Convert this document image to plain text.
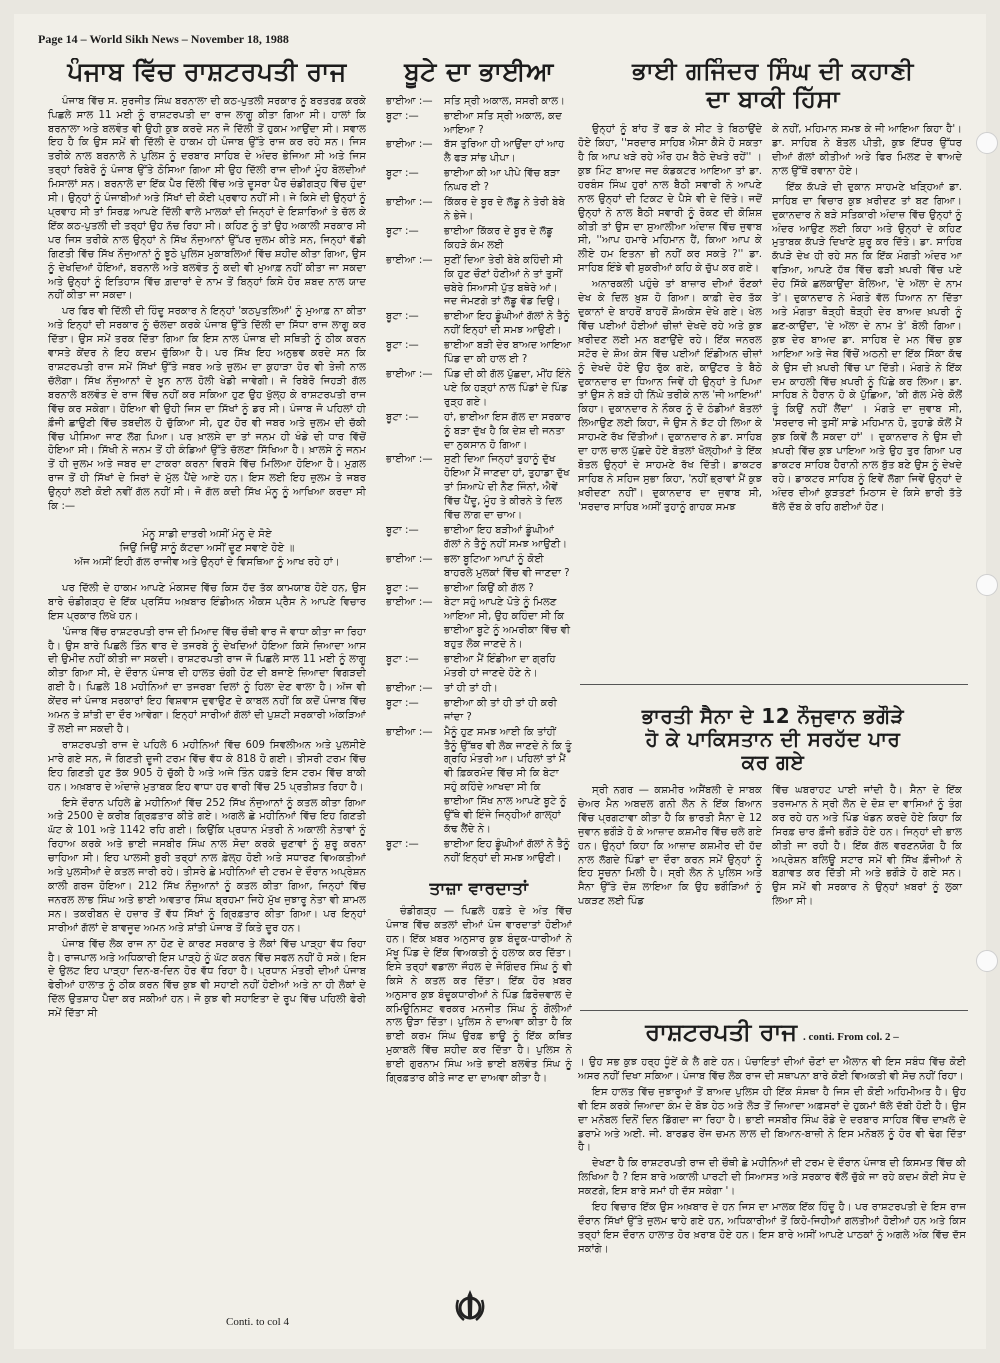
Page 14 – World Sikh News – November 18, 1988
ਪੰਜਾਬ ਵਿੱਚ ਰਾਸ਼ਟਰਪਤੀ ਰਾਜ

ਪੰਜਾਬ ਵਿੱਚ ਸ. ਸੁਰਜੀਤ ਸਿੰਘ ਬਰਨਾਲਾ ਦੀ ਕਠ-ਪੁਤਲੀ ਸਰਕਾਰ ਨੂੰ ਬਰਤਰਫ਼ ਕਰਕੇ ਪਿਛਲੇ ਸਾਲ 11 ਮਈ ਨੂੰ ਰਾਸ਼ਟਰਪਤੀ ਦਾ ਰਾਜ ਲਾਗੂ ਕੀਤਾ ਗਿਆ ਸੀ। ਹਾਲਾਂ ਕਿ ਬਰਨਾਲਾ ਅਤੇ ਬਲਵੰਤ ਵੀ ਉਹੀ ਕੁਝ ਕਰਦੇ ਸਨ ਜੋ ਦਿੱਲੀ ਤੋਂ ਹੁਕਮ ਆਉਂਦਾ ਸੀ। ਸਵਾਲ ਇਹ ਹੈ ਕਿ ਉਸ ਸਮੇਂ ਵੀ ਦਿੱਲੀ ਦੇ ਹਾਕਮ ਹੀ ਪੰਜਾਬ ਉੱਤੇ ਰਾਜ ਕਰ ਰਹੇ ਸਨ। ਜਿਸ ਤਰੀਕੇ ਨਾਲ ਬਰਨਾਲੇ ਨੇ ਪੁਲਿਸ ਨੂੰ ਦਰਬਾਰ ਸਾਹਿਬ ਦੇ ਅੰਦਰ ਭੇਜਿਆ ਸੀ ਅਤੇ ਜਿਸ ਤਰ੍ਹਾਂ ਰਿਬੇਰੋ ਨੂੰ ਪੰਜਾਬ ਉੱਤੇ ਠੋਸਿਆ ਗਿਆ ਸੀ ਉਹ ਦਿੱਲੀ ਰਾਜ ਦੀਆਂ ਮੂੰਹ ਬੋਲਦੀਆਂ ਮਿਸਾਲਾਂ ਸਨ। ਬਰਨਾਲੇ ਦਾ ਇੱਕ ਪੈਰ ਦਿੱਲੀ ਵਿੱਚ ਅਤੇ ਦੂਸਰਾ ਪੈਰ ਚੰਡੀਗੜ੍ਹ ਵਿੱਚ ਹੁੰਦਾ ਸੀ। ਉਨ੍ਹਾਂ ਨੂੰ ਪੰਜਾਬੀਆਂ ਅਤੇ ਸਿੱਖਾਂ ਦੀ ਕੋਈ ਪ੍ਰਵਾਹ ਨਹੀਂ ਸੀ। ਜੇ ਕਿਸੇ ਦੀ ਉਨ੍ਹਾਂ ਨੂੰ ਪ੍ਰਵਾਹ ਸੀ ਤਾਂ ਸਿਰਫ਼ ਆਪਣੇ ਦਿੱਲੀ ਵਾਲੇ ਮਾਲਕਾਂ ਦੀ ਜਿਨ੍ਹਾਂ ਦੇ ਇਸ਼ਾਰਿਆਂ ਤੇ ਚੱਲ ਕੇ ਇੱਕ ਕਠ-ਪੁਤਲੀ ਦੀ ਤਰ੍ਹਾਂ ਉਹ ਨੱਚ ਰਿਹਾ ਸੀ। ਕਹਿਣ ਨੂੰ ਤਾਂ ਉਹ ਅਕਾਲੀ ਸਰਕਾਰ ਸੀ ਪਰ ਜਿਸ ਤਰੀਕੇ ਨਾਲ ਉਨ੍ਹਾਂ ਨੇ ਸਿੱਖ ਨੌਜੁਆਨਾਂ ਉੱਪਰ ਜ਼ੁਲਮ ਕੀਤੇ ਸਨ, ਜਿਨ੍ਹਾਂ ਵੱਡੀ ਗਿਣਤੀ ਵਿੱਚ ਸਿੱਖ ਨੌਜੁਆਨਾਂ ਨੂੰ ਝੂਠੇ ਪੁਲਿਸ ਮੁਕਾਬਲਿਆਂ ਵਿੱਚ ਸ਼ਹੀਦ ਕੀਤਾ ਗਿਆ, ਉਸ ਨੂੰ ਦੇਖਦਿਆਂ ਹੋਇਆਂ, ਬਰਨਾਲੇ ਅਤੇ ਬਲਵੰਤ ਨੂੰ ਕਦੀ ਵੀ ਮੁਆਫ਼ ਨਹੀਂ ਕੀਤਾ ਜਾ ਸਕਦਾ ਅਤੇ ਉਨ੍ਹਾਂ ਨੂੰ ਇਤਿਹਾਸ ਵਿੱਚ ਗ਼ਦਾਰਾਂ ਦੇ ਨਾਮ ਤੋਂ ਬਿਨ੍ਹਾਂ ਕਿਸੇ ਹੋਰ ਸ਼ਬਦ ਨਾਲ ਯਾਦ ਨਹੀਂ ਕੀਤਾ ਜਾ ਸਕਦਾ।

ਪਰ ਫਿਰ ਵੀ ਦਿੱਲੀ ਦੀ ਹਿੰਦੂ ਸਰਕਾਰ ਨੇ ਇਨ੍ਹਾਂ 'ਕਠਪੁਤਲਿਆਂ' ਨੂੰ ਮੁਆਫ਼ ਨਾ ਕੀਤਾ ਅਤੇ ਇਨ੍ਹਾਂ ਦੀ ਸਰਕਾਰ ਨੂੰ ਚੱਲਦਾ ਕਰਕੇ ਪੰਜਾਬ ਉੱਤੇ ਦਿੱਲੀ ਦਾ ਸਿੱਧਾ ਰਾਜ ਲਾਗੂ ਕਰ ਦਿੱਤਾ। ਉਸ ਸਮੇਂ ਤਰਕ ਦਿੱਤਾ ਗਿਆ ਕਿ ਇਸ ਨਾਲ ਪੰਜਾਬ ਦੀ ਸਥਿਤੀ ਨੂੰ ਠੀਕ ਕਰਨ ਵਾਸਤੇ ਕੇਂਦਰ ਨੇ ਇਹ ਕਦਮ ਚੁੱਕਿਆ ਹੈ। ਪਰ ਸਿੱਖ ਇਹ ਅਨੁਭਵ ਕਰਦੇ ਸਨ ਕਿ ਰਾਸ਼ਟਰਪਤੀ ਰਾਜ ਸਮੇਂ ਸਿੱਖਾਂ ਉੱਤੇ ਜਬਰ ਅਤੇ ਜ਼ੁਲਮ ਦਾ ਕੁਹਾੜਾ ਹੋਰ ਵੀ ਤੇਜ਼ੀ ਨਾਲ ਚੱਲੇਗਾ। ਸਿੱਖ ਨੌਜੁਆਨਾਂ ਦੇ ਖ਼ੂਨ ਨਾਲ ਹੋਲੀ ਖੇਡੀ ਜਾਵੇਗੀ। ਜੋ ਰਿਬੇਰੋ ਜਿਹੜੀ ਗੱਲ ਬਰਨਾਲੇ ਬਲਵੰਤ ਦੇ ਰਾਜ ਵਿੱਚ ਨਹੀਂ ਕਰ ਸਕਿਆ ਹੁਣ ਉਹ ਖੁੱਲ੍ਹ ਕੇ ਰਾਸ਼ਟਰਪਤੀ ਰਾਜ ਵਿੱਚ ਕਰ ਸਕੇਗਾ। ਹੋਇਆ ਵੀ ਉਹੀ ਜਿਸ ਦਾ ਸਿੱਖਾਂ ਨੂੰ ਡਰ ਸੀ। ਪੰਜਾਬ ਜੋ ਪਹਿਲਾਂ ਹੀ ਫ਼ੌਜੀ ਛਾਉਣੀ ਵਿੱਚ ਤਬਦੀਲ ਹੋ ਚੁੱਕਿਆ ਸੀ, ਹੁਣ ਹੋਰ ਵੀ ਜਬਰ ਅਤੇ ਜ਼ੁਲਮ ਦੀ ਚੱਕੀ ਵਿੱਚ ਪੀਸਿਆ ਜਾਣ ਲੱਗ ਪਿਆ। ਪਰ ਖ਼ਾਲਸੇ ਦਾ ਤਾਂ ਜਨਮ ਹੀ ਖੰਡੇ ਦੀ ਧਾਰ ਵਿੱਚੋਂ ਹੋਇਆ ਸੀ। ਸਿੱਖੀ ਨੇ ਜਨਮ ਤੋਂ ਹੀ ਕੰਡਿਆਂ ਉੱਤੇ ਚੱਲਣਾ ਸਿੱਖਿਆ ਹੈ। ਖ਼ਾਲਸੇ ਨੂੰ ਜਨਮ ਤੋਂ ਹੀ ਜ਼ੁਲਮ ਅਤੇ ਜਬਰ ਦਾ ਟਾਕਰਾ ਕਰਨਾ ਵਿਰਸੇ ਵਿੱਚ ਮਿਲਿਆ ਹੋਇਆ ਹੈ। ਮੁਗ਼ਲ ਰਾਜ ਤੋਂ ਹੀ ਸਿੱਖਾਂ ਦੇ ਸਿਰਾਂ ਦੇ ਮੁੱਲ ਪੈਂਦੇ ਆਏ ਹਨ। ਇਸ ਲਈ ਇਹ ਜ਼ੁਲਮ ਤੇ ਜਬਰ ਉਨ੍ਹਾਂ ਲਈ ਕੋਈ ਨਵੀਂ ਗੱਲ ਨਹੀਂ ਸੀ। ਜੋ ਗੱਲ ਕਦੀ ਸਿੱਖ ਮੰਨੂ ਨੂੰ ਆਖਿਆ ਕਰਦਾ ਸੀ ਕਿ :—

ਮੰਨੂ ਸਾਡੀ ਦਾਤਰੀ ਅਸੀਂ ਮੰਨੂ ਦੇ ਸੋਏ
ਜਿਉਂ ਜਿਉਂ ਸਾਨੂੰ ਕੱਟਦਾ ਅਸੀਂ ਦੂਣ ਸਵਾਏ ਹੋਏ ॥
ਅੱਜ ਅਸੀਂ ਇਹੀ ਗੱਲ ਰਾਜੀਵ ਅਤੇ ਉਨ੍ਹਾਂ ਦੇ ਵਿਸਥਿਆ ਨੂੰ ਆਖ ਰਹੇ ਹਾਂ।

ਪਰ ਦਿੱਲੀ ਦੇ ਹਾਕਮ ਆਪਣੇ ਮੰਕਸਦ ਵਿੱਚ ਕਿਸ ਹੱਦ ਤੱਕ ਕਾਮਯਾਬ ਹੋਏ ਹਨ, ਉਸ ਬਾਰੇ ਚੰਡੀਗੜ੍ਹ ਦੇ ਇੱਕ ਪ੍ਰਸਿੱਧ ਅਖ਼ਬਾਰ ਇੰਡੀਅਨ ਐਕਸ ਪ੍ਰੈਸ ਨੇ ਆਪਣੇ ਵਿਚਾਰ ਇਸ ਪ੍ਰਕਾਰ ਲਿਖੇ ਹਨ।

'ਪੰਜਾਬ ਵਿੱਚ ਰਾਸ਼ਟਰਪਤੀ ਰਾਜ ਦੀ ਮਿਆਦ ਵਿੱਚ ਚੌਥੀ ਵਾਰ ਜੋ ਵਾਧਾ ਕੀਤਾ ਜਾ ਰਿਹਾ ਹੈ। ਉਸ ਬਾਰੇ ਪਿਛਲੇ ਤਿੰਨ ਵਾਰ ਦੇ ਤਜਰਬੇ ਨੂੰ ਦੇਖਦਿਆਂ ਹੋਇਆ ਕਿਸੇ ਜ਼ਿਆਦਾ ਆਸ ਦੀ ਉਮੀਦ ਨਹੀਂ ਕੀਤੀ ਜਾ ਸਕਦੀ। ਰਾਸ਼ਟਰਪਤੀ ਰਾਜ ਜੋ ਪਿਛਲੇ ਸਾਲ 11 ਮਈ ਨੂੰ ਲਾਗੂ ਕੀਤਾ ਗਿਆ ਸੀ, ਦੇ ਦੌਰਾਨ ਪੰਜਾਬ ਦੀ ਹਾਲਤ ਚੰਗੀ ਹੋਣ ਦੀ ਬਜਾਏ ਜ਼ਿਆਦਾ ਵਿਗੜਦੀ ਗਈ ਹੈ। ਪਿਛਲੇ 18 ਮਹੀਨਿਆਂ ਦਾ ਤਜਰਬਾ ਦਿਲਾਂ ਨੂੰ ਹਿਲਾ ਦੇਣ ਵਾਲਾ ਹੈ। ਅੱਜ ਵੀ ਕੇਂਦਰ ਜਾਂ ਪੰਜਾਬ ਸਰਕਾਰਾਂ ਇਹ ਵਿਸ਼ਵਾਸ ਦੁਵਾਉਣ ਦੇ ਕਾਬਲ ਨਹੀਂ ਕਿ ਕਦੋਂ ਪੰਜਾਬ ਵਿੱਚ ਅਮਨ ਤੇ ਸ਼ਾਂਤੀ ਦਾ ਦੌਰ ਆਵੇਗਾ। ਇਨ੍ਹਾਂ ਸਾਰੀਆਂ ਗੱਲਾਂ ਦੀ ਪੁਸ਼ਟੀ ਸਰਕਾਰੀ ਅੰਕੜਿਆਂ ਤੋਂ ਲਈ ਜਾ ਸਕਦੀ ਹੈ।

ਰਾਸ਼ਟਰਪਤੀ ਰਾਜ ਦੇ ਪਹਿਲੇ 6 ਮਹੀਨਿਆਂ ਵਿੱਚ 609 ਸਿਵਲੀਅਨ ਅਤੇ ਪੁਲਸੀਏ ਮਾਰੇ ਗਏ ਸਨ, ਜੋ ਗਿਣਤੀ ਦੂਜੀ ਟਰਮ ਵਿੱਚ ਵੱਧ ਕੇ 818 ਹੋ ਗਈ। ਤੀਸਰੀ ਟਰਮ ਵਿੱਚ ਇਹ ਗਿਣਤੀ ਹੁਣ ਤੱਕ 905 ਹੋ ਚੁੱਕੀ ਹੈ ਅਤੇ ਅਜੇ ਤਿੰਨ ਹਫ਼ਤੇ ਇਸ ਟਰਮ ਵਿੱਚ ਬਾਕੀ ਹਨ। ਅਖ਼ਬਾਰ ਦੇ ਅੰਦਾਜ਼ੇ ਮੁਤਾਬਕ ਇਹ ਵਾਧਾ ਹਰ ਵਾਰੀ ਵਿੱਚ 25 ਪ੍ਰਤੀਸ਼ਤ ਰਿਹਾ ਹੈ।

ਇਸੇ ਦੌਰਾਨ ਪਹਿਲੇ ਛੇ ਮਹੀਨਿਆਂ ਵਿੱਚ 252 ਸਿੱਖ ਨੌਜੁਆਨਾਂ ਨੂੰ ਕਤਲ ਕੀਤਾ ਗਿਆ ਅਤੇ 2500 ਦੇ ਕਰੀਬ ਗ੍ਰਿਫ਼ਤਾਰ ਕੀਤੇ ਗਏ। ਅਗਲੇ ਛੇ ਮਹੀਨਿਆਂ ਵਿੱਚ ਇਹ ਗਿਣਤੀ ਘੱਟ ਕੇ 101 ਅਤੇ 1142 ਰਹਿ ਗਈ। ਕਿਉਂਕਿ ਪ੍ਰਧਾਨ ਮੰਤਰੀ ਨੇ ਅਕਾਲੀ ਨੇਤਾਵਾਂ ਨੂੰ ਰਿਹਾਅ ਕਰਕੇ ਅਤੇ ਭਾਈ ਜਸਬੀਰ ਸਿੰਘ ਨਾਲ ਸੋਦਾ ਕਰਕੇ ਚੁਣਾਵਾਂ ਨੂੰ ਸ਼ੁਰੂ ਕਰਨਾ ਚਾਹਿਆ ਸੀ। ਇਹ ਪਾਲਸੀ ਬੁਰੀ ਤਰ੍ਹਾਂ ਨਾਲ ਫ਼ੇਲ੍ਹ ਹੋਈ ਅਤੇ ਸਧਾਰਣ ਵਿਅਕਤੀਆਂ ਅਤੇ ਪੁਲਸੀਆਂ ਦੇ ਕਤਲ ਜਾਰੀ ਰਹੇ। ਤੀਸਰੇ ਛੇ ਮਹੀਨਿਆਂ ਦੀ ਟਰਮ ਦੇ ਦੌਰਾਨ ਅਪ੍ਰੇਸ਼ਨ ਕਾਲੀ ਗਰਜ ਹੋਇਆ। 212 ਸਿੱਖ ਨੌਜੁਆਨਾਂ ਨੂੰ ਕਤਲ ਕੀਤਾ ਗਿਆ, ਜਿਨ੍ਹਾਂ ਵਿੱਚ ਜਨਰਲ ਲਾਭ ਸਿੰਘ ਅਤੇ ਭਾਈ ਅਵਤਾਰ ਸਿੰਘ ਬ੍ਰਹਮਾ ਜਿਹੇ ਮੁੱਖ ਜੁਝਾਰੂ ਨੇਤਾ ਵੀ ਸ਼ਾਮਲ ਸਨ। ਤਕਰੀਬਨ ਦੇ ਹਜ਼ਾਰ ਤੋਂ ਵੱਧ ਸਿੱਖਾਂ ਨੂੰ ਗ੍ਰਿਫ਼ਤਾਰ ਕੀਤਾ ਗਿਆ। ਪਰ ਇਨ੍ਹਾਂ ਸਾਰੀਆਂ ਗੱਲਾਂ ਦੇ ਬਾਵਜੂਦ ਅਮਨ ਅਤੇ ਸ਼ਾਂਤੀ ਪੰਜਾਬ ਤੋਂ ਕਿਤੇ ਦੂਰ ਹਨ।

ਪੰਜਾਬ ਵਿੱਚ ਲੋਕ ਰਾਜ ਨਾ ਹੋਣ ਦੇ ਕਾਰਣ ਸਰਕਾਰ ਤੇ ਲੋਕਾਂ ਵਿੱਚ ਪਾੜ੍ਹਾ ਵੱਧ ਰਿਹਾ ਹੈ। ਰਾਜਪਾਲ ਅਤੇ ਅਧਿਕਾਰੀ ਇਸ ਪਾੜ੍ਹੇ ਨੂੰ ਘੱਟ ਕਰਨ ਵਿੱਚ ਸਫਲ ਨਹੀਂ ਹੋ ਸਕੇ। ਇਸ ਦੇ ਉਲਟ ਇਹ ਪਾੜ੍ਹਾ ਦਿਨ-ਬ-ਦਿਨ ਹੋਰ ਵੱਧ ਰਿਹਾ ਹੈ। ਪ੍ਰਧਾਨ ਮੰਤਰੀ ਦੀਆਂ ਪੰਜਾਬ ਫੇਰੀਆਂ ਹਾਲਾਤ ਨੂੰ ਠੀਕ ਕਰਨ ਵਿੱਚ ਕੁਝ ਵੀ ਸਹਾਈ ਨਹੀਂ ਹੋਈਆਂ ਅਤੇ ਨਾ ਹੀ ਲੋਕਾਂ ਦੇ ਦਿੱਲ ਉਤਸ਼ਾਹ ਪੈਦਾ ਕਰ ਸਕੀਆਂ ਹਨ। ਜੋ ਕੁਝ ਵੀ ਸਹਾਇਤਾ ਦੇ ਰੂਪ ਵਿੱਚ ਪਹਿਲੀ ਫੇਰੀ ਸਮੇਂ ਦਿੱਤਾ ਸੀ

Conti. to col 4
ਬੂਟੇ ਦਾ ਭਾਈਆ
ਭਾਈਆ :—	ਸਤਿ ਸ੍ਰੀ ਅਕਾਲ, ਸਸਰੀ ਕਾਲ।
ਬੂਟਾ :—	ਭਾਈਆ ਸਤਿ ਸ੍ਰੀ ਅਕਾਲ, ਕਦ ਆਇਆ ?
ਭਾਈਆ :—	ਬੱਸ ਤੁਰਿਆ ਹੀ ਆਉਂਦਾ ਹਾਂ ਆਹ ਲੈ ਫੜ ਸਾਂਭ ਪੀਪਾ।
ਬੂਟਾ :—	ਭਾਈਆ ਕੀ ਆ ਪੀਪੇ ਵਿੱਚ ਬੜਾ ਨਿਘਰ ਈ ?
ਭਾਈਆ :—	ਕਿੱਕਰ ਦੇ ਬੂਰ ਦੇ ਲੱਡੂ ਨੇ ਤੇਰੀ ਬੇਬੇ ਨੇ ਭੇਜੇ।
ਬੂਟਾ :—	ਭਾਈਆ ਕਿੱਕਰ ਦੇ ਬੂਰ ਦੇ ਲੱਡੂ ਕਿਹੜੇ ਕੰਮ ਲਈ
ਭਾਈਆ :—	ਸੁਣੀਂ ਦਿਆ ਤੇਰੀ ਬੇਬੇ ਕਹਿੰਦੀ ਸੀ ਕਿ ਹੁਣ ਚੌਣਾਂ ਹੋਣੀਆਂ ਨੇ ਤਾਂ ਤੁਸੀਂ ਚਬੇਰੇ ਸਿਆਸੀ ਪੁੱਤ ਬਥੇਰੇ ਆਂ। ਜਦ ਜੰਮਣਗੇ ਤਾਂ ਲੱਡੂ ਵੰਡ ਦਿਉ।
ਬੂਟਾ :—	ਭਾਈਆ ਇਹ ਡੂੰਘੀਆਂ ਗੱਲਾਂ ਨੇ ਤੈਨੂੰ ਨਹੀਂ ਇਨ੍ਹਾਂ ਦੀ ਸਮਝ ਆਉਣੀ।
ਬੂਟਾ :—	ਭਾਈਆ ਬੜੀ ਦੇਰ ਬਾਅਦ ਆਇਆ ਪਿੰਡ ਦਾ ਕੀ ਹਾਲ ਈ ?
ਭਾਈਆ :—	ਪਿੰਡ ਦੀ ਕੀ ਗੱਲ ਪੁੱਛਦਾ, ਮੀਂਹ ਇੰਨੇ ਪਏ ਕਿ ਹੜ੍ਹਾਂ ਨਾਲ ਪਿੰਡਾਂ ਦੇ ਪਿੰਡ ਰੁੜ੍ਹ ਗਏ।
ਬੂਟਾ :—	ਹਾਂ, ਭਾਈਆ ਇਸ ਗੱਲ ਦਾ ਸਰਕਾਰ ਨੂੰ ਬੜਾ ਦੁੱਖ ਹੈ ਕਿ ਦੇਸ਼ ਦੀ ਜਨਤਾ ਦਾ ਨੁਕਸਾਨ ਹੋ ਗਿਆ।
ਭਾਈਆ :—	ਸੁਣੀ ਦਿਆ ਜਿਨ੍ਹਾਂ ਤੁਹਾਨੂੰ ਦੁੱਖ ਹੋਇਆ ਮੈਂ ਜਾਣਦਾ ਹਾਂ, ਤੁਹਾਡਾ ਦੁੱਖ ਤਾਂ ਸਿਆਪੇ ਦੀ ਨੈਣ ਜਿੰਨਾਂ, ਐਵੇਂ ਵਿੱਚ ਪੈਂਦੂ, ਮੂੰਹ ਤੇ ਕੀਰਨੇ ਤੇ ਦਿਲ ਵਿੱਚ ਲਾਗ ਦਾ ਚਾਅ।
ਬੂਟਾ :—	ਭਾਈਆ ਇਹ ਬੜੀਆਂ ਡੂੰਘੀਆਂ ਗੱਲਾਂ ਨੇ ਤੈਨੂੰ ਨਹੀਂ ਸਮਝ ਆਉਣੀ।
ਭਾਈਆ :—	ਭਲਾ ਬੂਟਿਆ ਆਪਾਂ ਨੂੰ ਕੋਈ ਬਾਹਰਲੇ ਮੁਲਕਾਂ ਵਿੱਚ ਵੀ ਜਾਣਦਾ ?
ਬੂਟਾ :—	ਭਾਈਆ ਕਿਉਂ ਕੀ ਗੱਲ ?
ਭਾਈਆ :—	ਬੇਟਾ ਸਹੁੰ ਆਪਣੇ ਪੋਤੇ ਨੂੰ ਮਿਲਣ ਆਇਆ ਸੀ, ਉਹ ਕਹਿੰਦਾ ਸੀ ਕਿ ਭਾਈਆ ਬੂਟੇ ਨੂੰ ਅਮਰੀਕਾ ਵਿੱਚ ਵੀ ਬਹੁਤ ਲੋਕ ਜਾਣਦੇ ਨੇ।
ਬੂਟਾ :—	ਭਾਈਆ ਮੈਂ ਇੰਡੀਆ ਦਾ ਗ੍ਰਹਿ ਮੰਤਰੀ ਹਾਂ ਜਾਣਦੇ ਹੋਣੇ ਨੇ।
ਭਾਈਆ :—	ਤਾਂ ਹੀ ਤਾਂ ਹੀ।
ਬੂਟਾ :—	ਭਾਈਆ ਕੀ ਤਾਂ ਹੀ ਤਾਂ ਹੀ ਕਰੀ ਜਾਂਦਾ ?
ਭਾਈਆ :—	ਮੈਨੂੰ ਹੁਣ ਸਮਝ ਆਈ ਕਿ ਤਾਂਹੀਂ ਤੈਨੂੰ ਉੱਥਰ ਵੀ ਲੋਕ ਜਾਣਦੇ ਨੇ ਕਿ ਤੂੰ ਗ੍ਰਹਿ ਮੰਤਰੀ ਆ। ਪਹਿਲਾਂ ਤਾਂ ਮੈਂ ਵੀ ਫ਼ਿਕਰਮੰਦ ਵਿੱਚ ਸੀ ਕਿ ਬੇਟਾ ਸਹੁੰ ਕਹਿੰਦੇ ਆਖਦਾ ਸੀ ਕਿ ਭਾਈਆ ਸਿੱਖ ਨਾਲ ਆਪਣੇ ਬੂਟੇ ਨੂੰ ਉੱਥੇ ਵੀ ਇੰਜੇ ਜਿਨ੍ਹੀਆਂ ਗਾਲ੍ਹਾਂ ਕੱਢ ਲੈਂਦੇ ਨੇ।
ਬੂਟਾ :—	ਭਾਈਆ ਇਹ ਡੂੰਘੀਆਂ ਗੱਲਾਂ ਨੇ ਤੈਨੂੰ ਨਹੀਂ ਇਨ੍ਹਾਂ ਦੀ ਸਮਝ ਆਉਣੀ।
ਤਾਜ਼ਾ ਵਾਰਦਾਤਾਂ

ਚੰਡੀਗੜ੍ਹ — ਪਿਛਲੇ ਹਫ਼ਤੇ ਦੇ ਅੰਤ ਵਿੱਚ ਪੰਜਾਬ ਵਿੱਚ ਕਤਲਾਂ ਦੀਆਂ ਪੰਜ ਵਾਰਦਾਤਾਂ ਹੋਈਆਂ ਹਨ। ਇੱਕ ਖ਼ਬਰ ਅਨੁਸਾਰ ਕੁਝ ਬੰਦੂਕ-ਧਾਰੀਆਂ ਨੇ ਮੱਖੂ ਪਿੰਡ ਦੇ ਇੱਕ ਵਿਅਕਤੀ ਨੂੰ ਹਲਾਕ ਕਰ ਦਿੱਤਾ। ਇਸੇ ਤਰ੍ਹਾਂ ਵਡਾਲਾ ਜੌਹਲ ਦੇ ਜੋਗਿੰਦਰ ਸਿੰਘ ਨੂੰ ਵੀ ਕਿਸੇ ਨੇ ਕਤਲ ਕਰ ਦਿੱਤਾ। ਇੱਕ ਹੋਰ ਖ਼ਬਰ ਅਨੁਸਾਰ ਕੁਝ ਬੰਦੂਕਧਾਰੀਆਂ ਨੇ ਪਿੰਡ ਫ਼ਿਰੋਜ਼ਵਾਲ ਦੇ ਕਮਿਊਨਿਸਟ ਵਰਕਰ ਮਨਜੀਤ ਸਿੰਘ ਨੂੰ ਗੋਲੀਆਂ ਨਾਲ ਉੜਾ ਦਿੱਤਾ। ਪੁਲਿਸ ਨੇ ਦਾਅਵਾ ਕੀਤਾ ਹੈ ਕਿ ਭਾਈ ਕਰਮ ਸਿੰਘ ਉਰਫ਼ ਭਾਊ ਨੂੰ ਇੱਕ ਕਥਿਤ ਮੁਕਾਬਲੇ ਵਿੱਚ ਸ਼ਹੀਦ ਕਰ ਦਿੱਤਾ ਹੈ। ਪੁਲਿਸ ਨੇ ਭਾਈ ਗੁਰਨਾਮ ਸਿੰਘ ਅਤੇ ਭਾਈ ਬਲਵੰਤ ਸਿੰਘ ਨੂੰ ਗ੍ਰਿਫ਼ਤਾਰ ਕੀਤੇ ਜਾਣ ਦਾ ਦਾਅਵਾ ਕੀਤਾ ਹੈ।

ਭਾਈ ਗਜਿੰਦਰ ਸਿੰਘ ਦੀ ਕਹਾਣੀ
ਦਾ ਬਾਕੀ ਹਿੱਸਾ

ਉਨ੍ਹਾਂ ਨੂੰ ਬਾਂਹ ਤੋਂ ਫੜ ਕੇ ਸੀਟ ਤੇ ਬਿਠਾਉਂਦੇ ਹੋਏ ਕਿਹਾ, ''ਸਰਦਾਰ ਸਾਹਿਬ ਐਸਾ ਕੈਸੇ ਹੋ ਸਕਤਾ ਹੈ ਕਿ ਆਪ ਖੜੇ ਰਹੇ ਔਰ ਹਮ ਬੈਠੇ ਦੇਖਤੇ ਰਹੇਂ'' । ਕੁਝ ਮਿੰਟ ਬਾਅਦ ਜਦ ਕੰਡਕਟਰ ਆਇਆ ਤਾਂ ਡਾ. ਹਰਬੰਸ ਸਿੰਘ ਹੁਰਾਂ ਨਾਲ ਬੈਠੀ ਸਵਾਰੀ ਨੇ ਆਪਣੇ ਨਾਲ ਉਨ੍ਹਾਂ ਦੀ ਟਿਕਟ ਦੇ ਪੈਸੇ ਵੀ ਦੇ ਦਿੱਤੇ। ਜਦੋਂ ਉਨ੍ਹਾਂ ਨੇ ਨਾਲ ਬੈਠੀ ਸਵਾਰੀ ਨੂੰ ਰੋਕਣ ਦੀ ਕੋਸ਼ਿਸ਼ ਕੀਤੀ ਤਾਂ ਉਸ ਦਾ ਸੁਆਲੀਆ ਅੰਦਾਜ਼ ਵਿੱਚ ਜੁਵਾਬ ਸੀ, ''ਆਪ ਹਮਾਰੇ ਮਹਿਮਾਨ ਹੈਂ, ਕਿਆ ਆਪ ਕੇ ਲੀਏ ਹਮ ਇਤਨਾ ਭੀ ਨਹੀਂ ਕਰ ਸਕਤੇ ?'' ਡਾ. ਸਾਹਿਬ ਇੰਝੇ ਵੀ ਸ਼ੁਕਰੀਆਂ ਕਹਿ ਕੇ ਚੁੱਪ ਕਰ ਗਏ।

ਅਨਾਰਕਲੀ ਪਹੁੰਚੇ ਤਾਂ ਬਾਜ਼ਾਰ ਦੀਆਂ ਰੌਣਕਾਂ ਦੇਖ ਕੇ ਦਿਲ ਖ਼ੁਸ਼ ਹੋ ਗਿਆ। ਕਾਫ਼ੀ ਦੇਰ ਤੱਕ ਦੁਕਾਨਾਂ ਦੇ ਬਾਹਰੋਂ ਬਾਹਰੋਂ ਸ਼ੋਅਕੇਸ ਦੇਖੇ ਗਏ। ਖੇਲ ਵਿੱਚ ਪਈਆਂ ਹੋਈਆਂ ਚੀਜ਼ਾਂ ਦੇਖਦੇ ਰਹੇ ਅਤੇ ਕੁਝ ਖ਼ਰੀਦਣ ਲਈ ਮਨ ਬਣਾਉਂਦੇ ਰਹੇ। ਇੱਕ ਜਨਰਲ ਸਟੋਰ ਦੇ ਸ਼ੋਅ ਕੇਸ ਵਿੱਚ ਪਈਆਂ ਇੰਡੀਅਨ ਚੀਜ਼ਾਂ ਨੂੰ ਦੇਖਦੇ ਹੋਏ ਉਹ ਰੁੱਕ ਗਏ, ਕਾਉਂਟਰ ਤੇ ਬੈਠੇ ਦੁਕਾਨਦਾਰ ਦਾ ਧਿਆਨ ਜਿਵੇਂ ਹੀ ਉਨ੍ਹਾਂ ਤੇ ਪਿਆ ਤਾਂ ਉਸ ਨੇ ਬੜੇ ਹੀ ਨਿੱਘੇ ਤਰੀਕੇ ਨਾਲ 'ਜੀ ਆਇਆਂ' ਕਿਹਾ। ਦੁਕਾਨਦਾਰ ਨੇ ਨੌਕਰ ਨੂੰ ਦੋ ਠੰਡੀਆਂ ਬੋਤਲਾਂ ਲਿਆਉਣ ਲਈ ਕਿਹਾ, ਜੋ ਉਸ ਨੇ ਝੱਟ ਹੀ ਲਿਆ ਕੇ ਸਾਹਮਣੇ ਰੱਖ ਦਿੱਤੀਆਂ। ਦੁਕਾਨਦਾਰ ਨੇ ਡਾ. ਸਾਹਿਬ ਦਾ ਹਾਲ ਚਾਲ ਪੁੱਛਦੇ ਹੋਏ ਬੋਤਲਾਂ ਖੋਲ੍ਹੀਆਂ ਤੇ ਇੱਕ ਬੋਤਲ ਉਨ੍ਹਾਂ ਦੇ ਸਾਹਮਣੇ ਰੱਖ ਦਿੱਤੀ। ਡਾਕਟਰ ਸਾਹਿਬ ਨੇ ਸਹਿਜ ਸੁਭਾ ਕਿਹਾ, 'ਨਹੀਂ ਭ੍ਰਾਵਾਂ ਮੈਂ ਕੁਝ ਖ਼ਰੀਦਣਾ ਨਹੀਂ'। ਦੁਕਾਨਦਾਰ ਦਾ ਜੁਵਾਬ ਸੀ, 'ਸਰਦਾਰ ਸਾਹਿਬ ਅਸੀਂ ਤੁਹਾਨੂੰ ਗਾਹਕ ਸਮਝ

ਕੇ ਨਹੀਂ, ਮਹਿਮਾਨ ਸਮਝ ਕੇ ਜੀ ਆਇਆ ਕਿਹਾ ਹੈ'। ਡਾ. ਸਾਹਿਬ ਨੇ ਬੋਤਲ ਪੀਤੀ, ਕੁਝ ਇੱਧਰ ਉੱਧਰ ਦੀਆਂ ਗੱਲਾਂ ਕੀਤੀਆਂ ਅਤੇ ਫਿਰ ਮਿਲਣ ਦੇ ਵਾਅਦੇ ਨਾਲ ਉੱਥੋਂ ਰਵਾਨਾ ਹੋਏ।

ਇੱਕ ਕੱਪੜੇ ਦੀ ਦੁਕਾਨ ਸਾਹਮਣੇ ਖੜ੍ਹਿਆਂ ਡਾ. ਸਾਹਿਬ ਦਾ ਵਿਚਾਰ ਕੁਝ ਖ਼ਰੀਦਣ ਤਾਂ ਬਣ ਗਿਆ। ਦੁਕਾਨਦਾਰ ਨੇ ਬੜੇ ਸਤਿਕਾਰੀ ਅੰਦਾਜ਼ ਵਿੱਚ ਉਨ੍ਹਾਂ ਨੂੰ ਅੰਦਰ ਆਉਣ ਲਈ ਕਿਹਾ ਅਤੇ ਉਨ੍ਹਾਂ ਦੇ ਕਹਿਣ ਮੁਤਾਬਕ ਕੱਪੜੇ ਦਿਖਾਣੇ ਸ਼ੁਰੂ ਕਰ ਦਿੱਤੇ। ਡਾ. ਸਾਹਿਬ ਕੱਪੜੇ ਦੇਖ ਹੀ ਰਹੇ ਸਨ ਕਿ ਇੱਕ ਮੰਗਤੀ ਅੰਦਰ ਆ ਵੜਿਆ, ਆਪਣੇ ਹੱਥ ਵਿੱਚ ਫੜੀ ਖ਼ਪਰੀ ਵਿੱਚ ਪਏ ਦੋਹ ਸਿੱਕੇ ਛਲਕਾਉਂਦਾ ਬੋਲਿਆ, 'ਦੇ ਅੱਲਾ ਦੇ ਨਾਮ ਤੇ'। ਦੁਕਾਨਦਾਰ ਨੇ ਮੰਗਤੇ ਵੱਲ ਧਿਆਨ ਨਾ ਦਿੱਤਾ ਅਤੇ ਮੰਗਤਾ ਥੋੜ੍ਹੀ ਥੋੜ੍ਹੀ ਦੇਰ ਬਾਅਦ ਖ਼ਪਰੀ ਨੂੰ ਛਣ-ਕਾਉਂਦਾ, 'ਦੇ ਅੱਲਾ ਦੇ ਨਾਮ ਤੇ' ਬੋਲੀ ਗਿਆ। ਕੁਝ ਦੇਰ ਬਾਅਦ ਡਾ. ਸਾਹਿਬ ਦੇ ਮਨ ਵਿੱਚ ਕੁਝ ਆਇਆ ਅਤੇ ਜੇਬ ਵਿੱਚੋਂ ਅਠਨੀ ਦਾ ਇੱਕ ਸਿੱਕਾ ਕੱਢ ਕੇ ਉਸ ਦੀ ਖ਼ਪਰੀ ਵਿੱਚ ਪਾ ਦਿੱਤੀ। ਮੰਗਤੇ ਨੇ ਇੱਕ ਦਮ ਕਾਹਲੀ ਵਿੱਚ ਖ਼ਪਰੀ ਨੂੰ ਪਿੱਛੇ ਕਰ ਲਿਆ। ਡਾ. ਸਾਹਿਬ ਨੇ ਹੈਰਾਨ ਹੋ ਕੇ ਪੁੱਛਿਆ, 'ਕੀ ਗੱਲ ਮੇਰੇ ਕੋਲੋਂ ਤੂੰ ਕਿਉਂ ਨਹੀਂ ਲੈਂਦਾ' । ਮੰਗਤੇ ਦਾ ਜੁਵਾਬ ਸੀ, 'ਸਰਦਾਰ ਜੀ ਤੁਸੀਂ ਸਾਡੇ ਮਹਿਮਾਨ ਹੋ, ਤੁਹਾਡੇ ਕੋਲੋਂ ਮੈਂ ਕੁਝ ਕਿਵੇਂ ਲੈ ਸਕਦਾ ਹਾਂ' । ਦੁਕਾਨਦਾਰ ਨੇ ਉਸ ਦੀ ਖ਼ਪਰੀ ਵਿੱਚ ਕੁਝ ਪਾਇਆ ਅਤੇ ਉਹ ਤੁਰ ਗਿਆ ਪਰ ਡਾਕਟਰ ਸਾਹਿਬ ਹੈਰਾਨੀ ਨਾਲ ਬੁੱਤ ਬਣੇ ਉਸ ਨੂੰ ਦੇਖਦੇ ਰਹੇ। ਡਾਕਟਰ ਸਾਹਿਬ ਨੂੰ ਇਵੇਂ ਲੱਗਾ ਜਿਵੇਂ ਉਨ੍ਹਾਂ ਦੇ ਅੰਦਰ ਦੀਆਂ ਕੁੜਤਣਾਂ ਮਿਠਾਸ ਦੇ ਕਿਸੇ ਭਾਰੀ ਤੱਤੇ ਥੱਲੇ ਦੱਬ ਕੇ ਰਹਿ ਗਈਆਂ ਹੋਣ।

ਭਾਰਤੀ ਸੈਨਾ ਦੇ 12 ਨੌਜੁਵਾਨ ਭਗੌੜੇ
ਹੋ ਕੇ ਪਾਕਿਸਤਾਨ ਦੀ ਸਰਹੱਦ ਪਾਰ
ਕਰ ਗਏ

ਸ੍ਰੀ ਨਗਰ — ਕਸ਼ਮੀਰ ਅਸੈਂਬਲੀ ਦੇ ਸਾਬਕ ਚੇਅਰ ਮੈਨ ਅਬਦਲ ਗਨੀ ਲੋਨ ਨੇ ਇੱਕ ਬਿਆਨ ਵਿੱਚ ਪ੍ਰਗਟਾਵਾ ਕੀਤਾ ਹੈ ਕਿ ਭਾਰਤੀ ਸੈਨਾ ਦੇ 12 ਜੁਵਾਨ ਭਗੌੜੇ ਹੋ ਕੇ ਆਜ਼ਾਦ ਕਸ਼ਮੀਰ ਵਿੱਚ ਚਲੇ ਗਏ ਹਨ। ਉਨ੍ਹਾਂ ਕਿਹਾ ਕਿ ਆਜ਼ਾਦ ਕਸ਼ਮੀਰ ਦੀ ਹੱਦ ਨਾਲ ਲੱਗਦੇ ਪਿੰਡਾਂ ਦਾ ਦੌਰਾ ਕਰਨ ਸਮੇਂ ਉਨ੍ਹਾਂ ਨੂੰ ਇਹ ਸੂਚਨਾ ਮਿਲੀ ਹੈ। ਸ੍ਰੀ ਲੋਨ ਨੇ ਪੁਲਿਸ ਅਤੇ ਸੈਨਾ ਉੱਤੇ ਦੋਸ਼ ਲਾਇਆ ਕਿ ਉਹ ਭਗੌੜਿਆਂ ਨੂੰ ਪਕੜਣ ਲਈ ਪਿੰਡ

ਵਿੱਚ ਘਬਰਾਹਟ ਪਾਈ ਜਾਂਦੀ ਹੈ। ਸੈਨਾ ਦੇ ਇੱਕ ਤਰਜਮਾਨ ਨੇ ਸ੍ਰੀ ਲੋਨ ਦੇ ਦੋਸ਼ ਦਾ ਵਾਸਿਆਂ ਨੂੰ ਤੰਗ ਕਰ ਰਹੇ ਹਨ ਅਤੇ ਪਿੰਡ ਖੰਡਨ ਕਰਦੇ ਹੋਏ ਕਿਹਾ ਕਿ ਸਿਰਫ਼ ਚਾਰ ਫ਼ੌਜੀ ਭਗੌੜੇ ਹੋਏ ਹਨ। ਜਿਨ੍ਹਾਂ ਦੀ ਭਾਲ ਕੀਤੀ ਜਾ ਰਹੀ ਹੈ। ਇੱਕ ਗੱਲ ਵਰਣਨਯੋਗ ਹੈ ਕਿ ਅਪ੍ਰੇਸ਼ਨ ਬਲਿਊ ਸਟਾਰ ਸਮੇਂ ਵੀ ਸਿੱਖ ਫ਼ੌਜੀਆਂ ਨੇ ਬਗ਼ਾਵਤ ਕਰ ਦਿੱਤੀ ਸੀ ਅਤੇ ਭਗੌੜੇ ਹੋ ਗਏ ਸਨ। ਉਸ ਸਮੇਂ ਵੀ ਸਰਕਾਰ ਨੇ ਉਨ੍ਹਾਂ ਖ਼ਬਰਾਂ ਨੂੰ ਲੁਕਾ ਲਿਆ ਸੀ।

ਰਾਸ਼ਟਰਪਤੀ ਰਾਜ . conti. From col. 2 –

। ਉਹ ਸਭ ਕੁਝ ਹਰ੍ਹ ਧੂੰਏਂ ਕੇ ਲੈ ਗਏ ਹਨ। ਪੰਚਾਇਤਾਂ ਦੀਆਂ ਚੋਣਾਂ ਦਾ ਐਲਾਨ ਵੀ ਇਸ ਸਬੰਧ ਵਿੱਚ ਕੋਈ ਅਸਰ ਨਹੀਂ ਦਿਖਾ ਸਕਿਆ। ਪੰਜਾਬ ਵਿੱਚ ਲੋਕ ਰਾਜ ਦੀ ਸਥਾਪਨਾ ਬਾਰੇ ਕੋਈ ਵਿਅਕਤੀ ਵੀ ਸੋਚ ਨਹੀਂ ਰਿਹਾ।

ਇਸ ਹਾਲਤ ਵਿੱਚ ਜੁਝਾਰੂਆਂ ਤੋਂ ਬਾਅਦ ਪੁਲਿਸ ਹੀ ਇੱਕ ਸੰਸਥਾ ਹੈ ਜਿਸ ਦੀ ਕੋਈ ਅਹਿਮੀਅਤ ਹੈ। ਉਹ ਵੀ ਇਸ ਕਰਕੇ ਜ਼ਿਆਦਾ ਕੰਮ ਦੇ ਬੋਝ ਹੇਠ ਅਤੇ ਲੋੜ ਤੋਂ ਜ਼ਿਆਦਾ ਅਫ਼ਸਰਾਂ ਦੇ ਹੁਕਮਾਂ ਥੱਲੇ ਦੱਬੀ ਹੋਈ ਹੈ। ਉਸ ਦਾ ਮਨੋਬਲ ਦਿਨੋਂ ਦਿਨ ਡਿੱਗਦਾ ਜਾ ਰਿਹਾ ਹੈ। ਭਾਈ ਜਸਬੀਰ ਸਿੰਘ ਰੋਡੇ ਦੇ ਦਰਬਾਰ ਸਾਹਿਬ ਵਿੱਚ ਦਾਖ਼ਲੇ ਦੇ ਡਰਾਮੇ ਅਤੇ ਅਈ. ਜੀ. ਬਾਰਡਰ ਰੇਂਜ ਚਮਨ ਲਾਲ ਦੀ ਬਿਆਨ-ਬਾਜ਼ੀ ਨੇ ਇਸ ਮਨੋਬਲ ਨੂੰ ਹੋਰ ਵੀ ਢੇਗ ਦਿੱਤਾ ਹੈ।

ਦੇਖਣਾ ਹੈ ਕਿ ਰਾਸ਼ਟਰਪਤੀ ਰਾਜ ਦੀ ਚੌਥੀ ਛੇ ਮਹੀਨਿਆਂ ਦੀ ਟਰਮ ਦੇ ਦੌਰਾਨ ਪੰਜਾਬ ਦੀ ਕਿਸਮਤ ਵਿੱਚ ਕੀ ਲਿਖਿਆ ਹੈ ? ਇਸ ਬਾਰੇ ਅਕਾਲੀ ਪਾਰਟੀ ਦੀ ਸਿਆਸਤ ਅਤੇ ਸਰਕਾਰ ਵੱਲੋਂ ਚੁੱਕੇ ਜਾ ਰਹੇ ਕਦਮ ਕੋਈ ਸੇਧ ਦੇ ਸਕਣਗੇ, ਇਸ ਬਾਰੇ ਸਮਾਂ ਹੀ ਦੱਸ ਸਕੇਗਾ '।

ਇਹ ਵਿਚਾਰ ਇੱਕ ਉਸ ਅਖ਼ਬਾਰ ਦੇ ਹਨ ਜਿਸ ਦਾ ਮਾਲਕ ਇੱਕ ਹਿੰਦੂ ਹੈ। ਪਰ ਰਾਸ਼ਟਰਪਤੀ ਦੇ ਇਸ ਰਾਜ ਦੌਰਾਨ ਸਿੱਖਾਂ ਉੱਤੇ ਜ਼ੁਲਮ ਢਾਹੇ ਗਏ ਹਨ, ਅਧਿਕਾਰੀਆਂ ਤੋਂ ਕਿਹੋ-ਜਿਹੀਆਂ ਗਲਤੀਆਂ ਹੋਈਆਂ ਹਨ ਅਤੇ ਕਿਸ ਤਰ੍ਹਾਂ ਇਸ ਦੌਰਾਨ ਹਾਲਾਤ ਹੋਰ ਖ਼ਰਾਬ ਹੋਏ ਹਨ। ਇਸ ਬਾਰੇ ਅਸੀਂ ਆਪਣੇ ਪਾਠਕਾਂ ਨੂੰ ਅਗਲੇ ਅੰਕ ਵਿੱਚ ਦੱਸ ਸਕਾਂਗੇ।
